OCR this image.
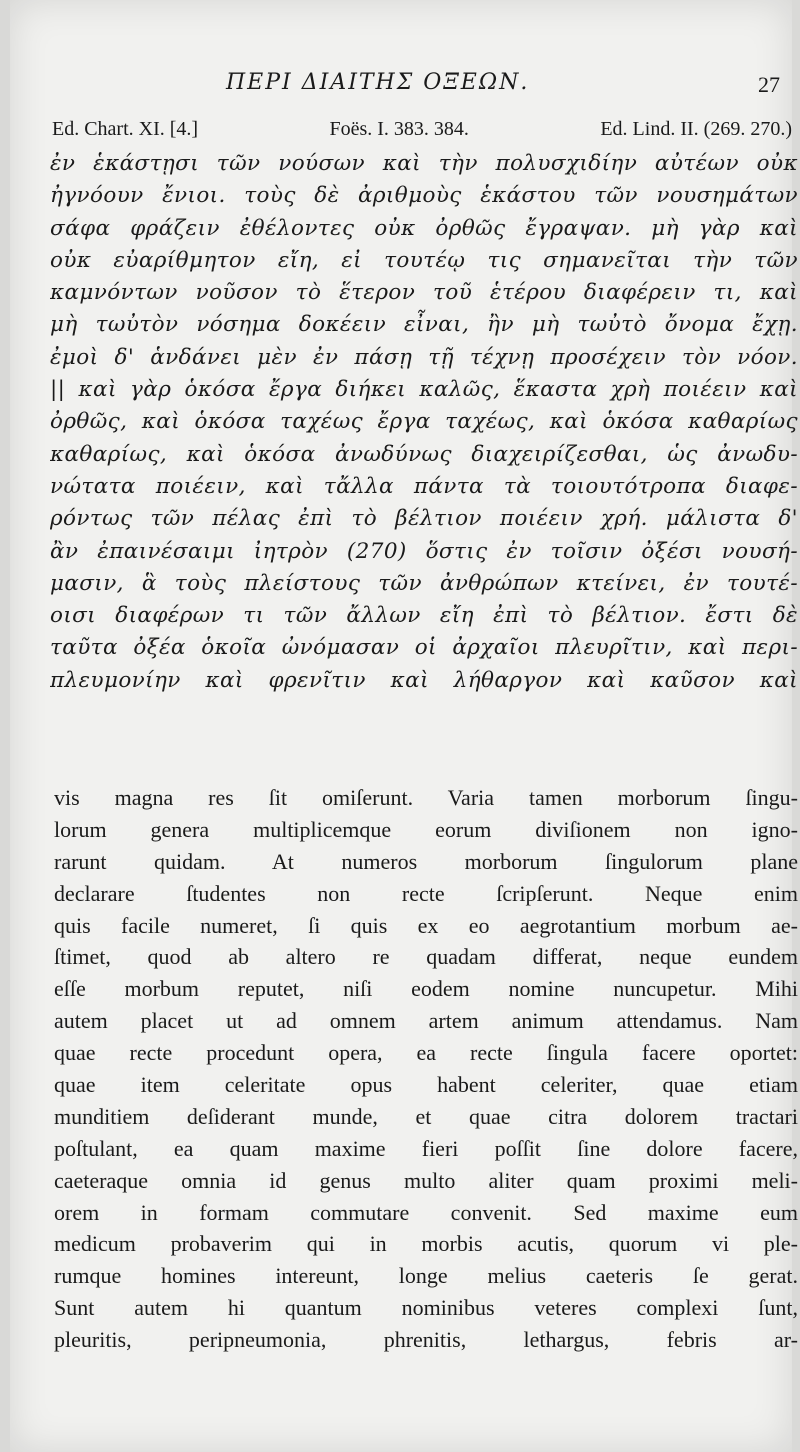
ΠΕΡΙ ΔΙΑΙΤΗΣ ΟΞΕΩΝ.	27
Ed. Chart. XI. [4.]	Foës. I. 383. 384.	Ed. Lind. II. (269. 270.)
ἐν ἑκάστῃσι τῶν νούσων καὶ τὴν πολυσχιδίην αὐτέων οὐκ
ἠγνόουν ἔνιοι. τοὺς δὲ ἀριθμοὺς ἑκάστου τῶν νουσημάτων
σάφα φράζειν ἐθέλοντες οὐκ ὀρθῶς ἔγραψαν. μὴ γὰρ καὶ
οὐκ εὐαρίθμητον εἴη, εἰ τουτέῳ τις σημανεῖται τὴν τῶν
καμνόντων νοῦσον τὸ ἕτερον τοῦ ἑτέρου διαφέρειν τι, καὶ
μὴ τωὐτὸν νόσημα δοκέειν εἶναι, ἢν μὴ τωὐτὸ ὄνομα ἔχῃ.
ἐμοὶ δ' ἁνδάνει μὲν ἐν πάσῃ τῇ τέχνῃ προσέχειν τὸν νόον.
|| καὶ γὰρ ὁκόσα ἔργα διήκει καλῶς, ἕκαστα χρὴ ποιέειν καὶ
ὀρθῶς, καὶ ὁκόσα ταχέως ἔργα ταχέως, καὶ ὁκόσα καθαρίως
καθαρίως, καὶ ὁκόσα ἀνωδύνως διαχειρίζεσθαι, ὡς ἀνωδυ-
νώτατα ποιέειν, καὶ τἄλλα πάντα τὰ τοιουτότροπα διαφε-
ρόντως τῶν πέλας ἐπὶ τὸ βέλτιον ποιέειν χρή. μάλιστα δ'
ἂν ἐπαινέσαιμι ἰητρὸν (270) ὅστις ἐν τοῖσιν ὀξέσι νουσή-
μασιν, ἃ τοὺς πλείστους τῶν ἀνθρώπων κτείνει, ἐν τουτέ-
οισι διαφέρων τι τῶν ἄλλων εἴη ἐπὶ τὸ βέλτιον. ἔστι δὲ
ταῦτα ὀξέα ὁκοῖα ὠνόμασαν οἱ ἀρχαῖοι πλευρῖτιν, καὶ περι-
πλευμονίην καὶ φρενῖτιν καὶ λήθαργον καὶ καῦσον καὶ
vis magna res ſit omiſerunt. Varia tamen morborum ſingu-
lorum genera multiplicemque eorum diviſionem non igno-
rarunt quidam. At numeros morborum ſingulorum plane
declarare ſtudentes non recte ſcripſerunt. Neque enim
quis facile numeret, ſi quis ex eo aegrotantium morbum ae-
ſtimet, quod ab altero re quadam differat, neque eundem
eſſe morbum reputet, niſi eodem nomine nuncupetur. Mihi
autem placet ut ad omnem artem animum attendamus. Nam
quae recte procedunt opera, ea recte ſingula facere oportet:
quae item celeritate opus habent celeriter, quae etiam
munditiem deſiderant munde, et quae citra dolorem tractari
poſtulant, ea quam maxime fieri poſſit ſine dolore facere,
caeteraque omnia id genus multo aliter quam proximi meli-
orem in formam commutare convenit. Sed maxime eum
medicum probaverim qui in morbis acutis, quorum vi ple-
rumque homines intereunt, longe melius caeteris ſe gerat.
Sunt autem hi quantum nominibus veteres complexi ſunt,
pleuritis, peripneumonia, phrenitis, lethargus, febris ar-
